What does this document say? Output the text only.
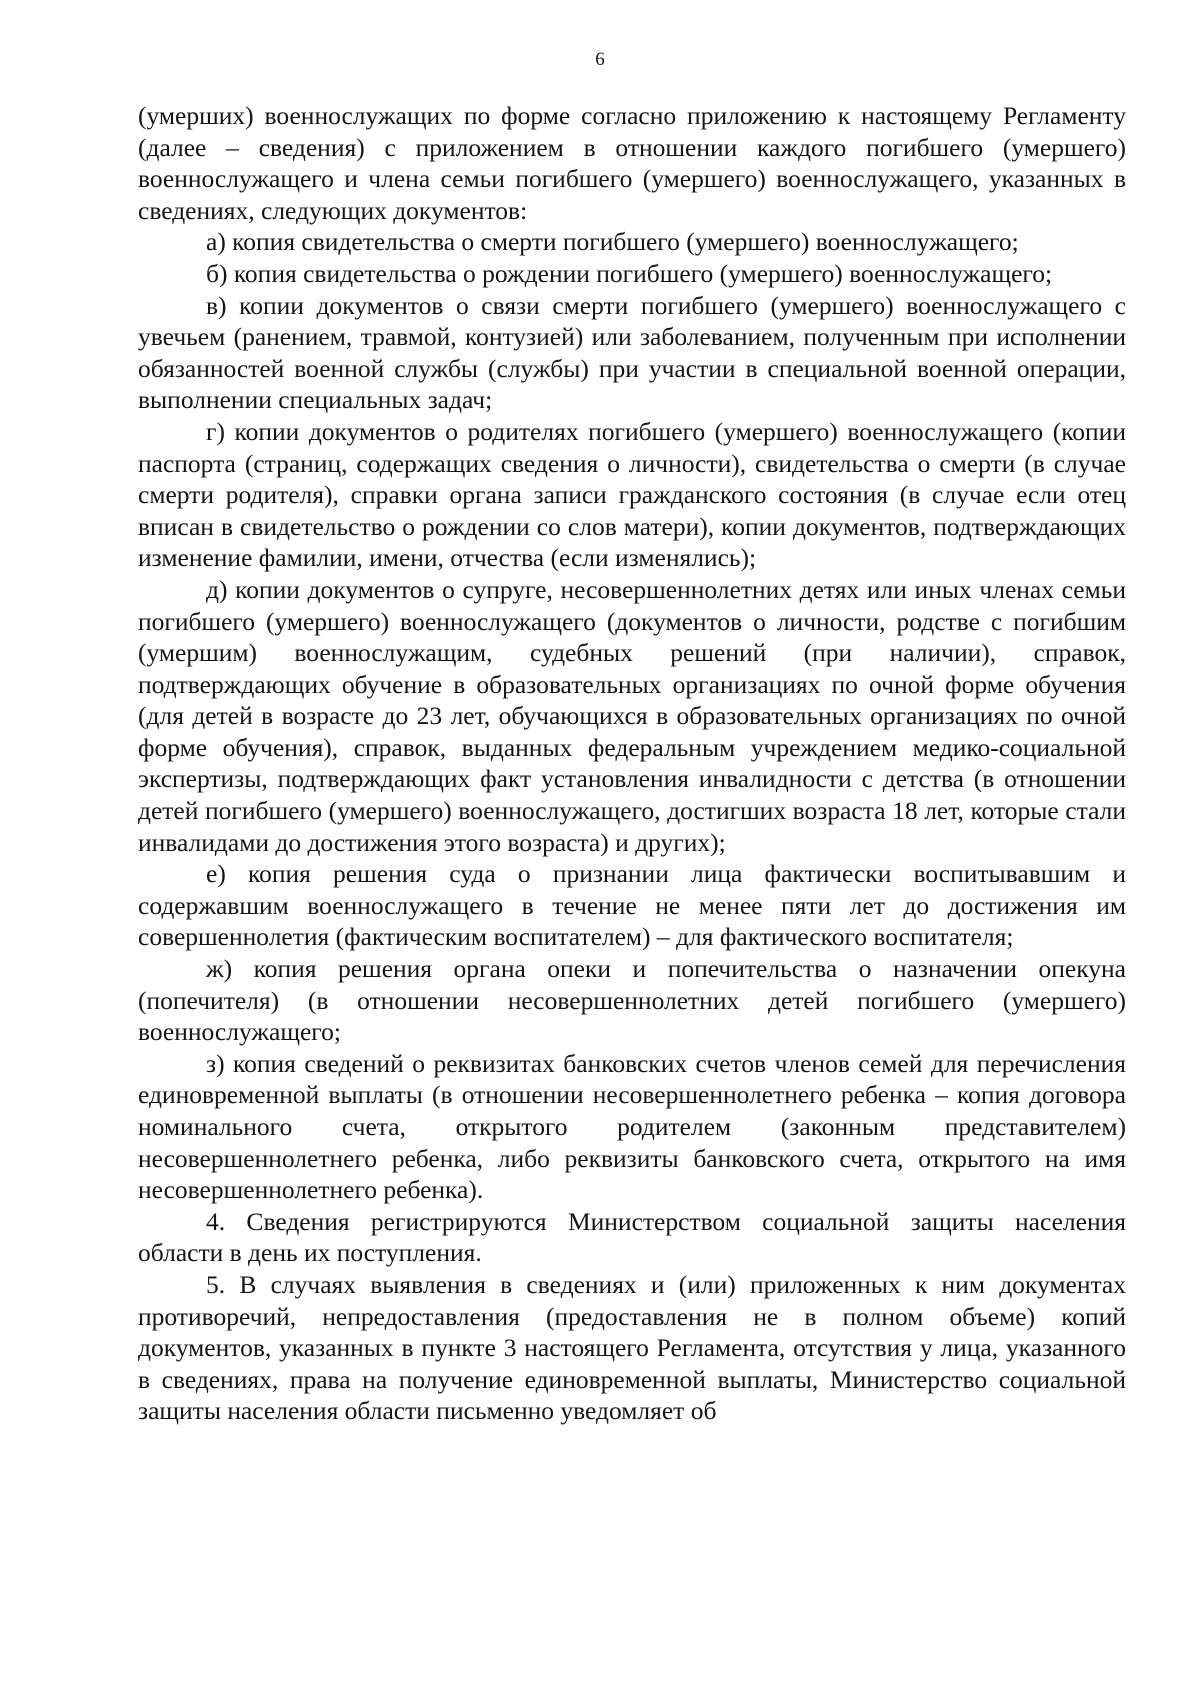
6

(умерших) военнослужащих по форме согласно приложению к настоящему Регламенту (далее – сведения) с приложением в отношении каждого погибшего (умершего) военнослужащего и члена семьи погибшего (умершего) военнослужащего, указанных в сведениях, следующих документов:

а) копия свидетельства о смерти погибшего (умершего) военнослужащего;

б) копия свидетельства о рождении погибшего (умершего) военнослужащего;

в) копии документов о связи смерти погибшего (умершего) военнослужащего с увечьем (ранением, травмой, контузией) или заболеванием, полученным при исполнении обязанностей военной службы (службы) при участии в специальной военной операции, выполнении специальных задач;

г) копии документов о родителях погибшего (умершего) военнослужащего (копии паспорта (страниц, содержащих сведения о личности), свидетельства о смерти (в случае смерти родителя), справки органа записи гражданского состояния (в случае если отец вписан в свидетельство о рождении со слов матери), копии документов, подтверждающих изменение фамилии, имени, отчества (если изменялись);

д) копии документов о супруге, несовершеннолетних детях или иных членах семьи погибшего (умершего) военнослужащего (документов о личности, родстве с погибшим (умершим) военнослужащим, судебных решений (при наличии), справок, подтверждающих обучение в образовательных организациях по очной форме обучения (для детей в возрасте до 23 лет, обучающихся в образовательных организациях по очной форме обучения), справок, выданных федеральным учреждением медико-социальной экспертизы, подтверждающих факт установления инвалидности с детства (в отношении детей погибшего (умершего) военнослужащего, достигших возраста 18 лет, которые стали инвалидами до достижения этого возраста) и других);

е) копия решения суда о признании лица фактически воспитывавшим и содержавшим военнослужащего в течение не менее пяти лет до достижения им совершеннолетия (фактическим воспитателем) – для фактического воспитателя;

ж) копия решения органа опеки и попечительства о назначении опекуна (попечителя) (в отношении несовершеннолетних детей погибшего (умершего) военнослужащего;

з) копия сведений о реквизитах банковских счетов членов семей для перечисления единовременной выплаты (в отношении несовершеннолетнего ребенка – копия договора номинального счета, открытого родителем (законным представителем) несовершеннолетнего ребенка, либо реквизиты банковского счета, открытого на имя несовершеннолетнего ребенка).

4. Сведения регистрируются Министерством социальной защиты населения области в день их поступления.

5. В случаях выявления в сведениях и (или) приложенных к ним документах противоречий, непредоставления (предоставления не в полном объеме) копий документов, указанных в пункте 3 настоящего Регламента, отсутствия у лица, указанного в сведениях, права на получение единовременной выплаты, Министерство социальной защиты населения области письменно уведомляет об
